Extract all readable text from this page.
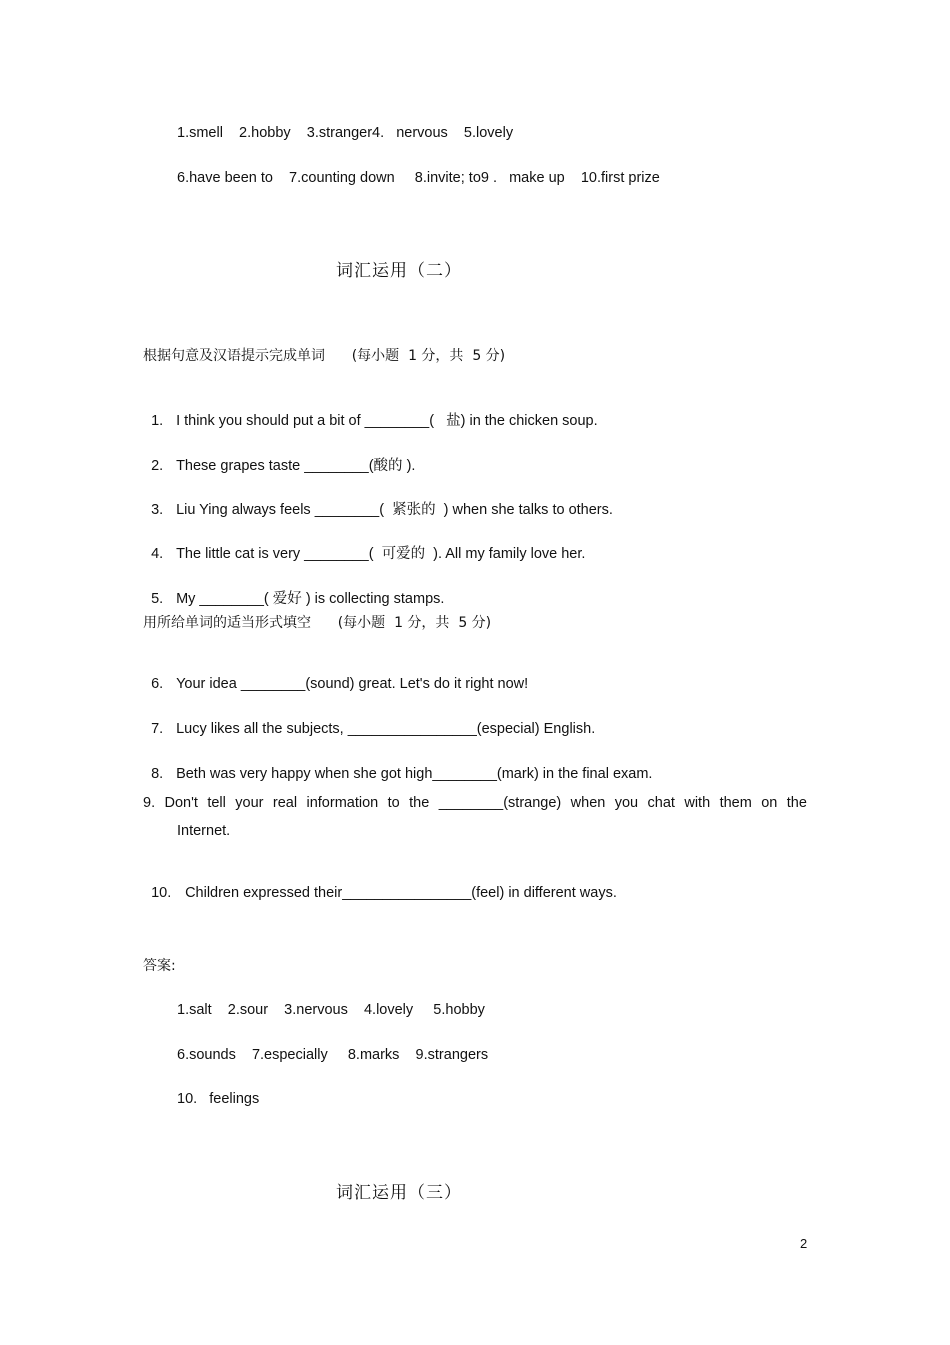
1.smell    2.hobby    3.stranger4.   nervous    5.lovely
6.have been to    7.counting down     8.invite; to9 .   make up    10.first prize
词汇运用（二）
根据句意及汉语提示完成单词      (每小题  1 分，共  5 分)

1. I think you should put a bit of ________(   盐) in the chicken soup.

2. These grapes taste ________(酸的 ).

3. Liu Ying always feels ________(  紧张的  ) when she talks to others.

4. The little cat is very ________(  可爱的  ). All my family love her.

5. My ________( 爱好 ) is collecting stamps.

用所给单词的适当形式填空      (每小题  1 分，共  5 分)

6. Your idea ________(sound) great. Let's do it right now!

7. Lucy likes all the subjects, ________________(especial) English.

8. Beth was very happy when she got high________(mark) in the final exam.

9. Don't tell your real information to the ________(strange) when you chat with them on the
Internet.

10. Children expressed their________________(feel) in different ways.

答案:
1.salt    2.sour    3.nervous    4.lovely     5.hobby
6.sounds    7.especially     8.marks    9.strangers
10.   feelings
词汇运用（三）
2
